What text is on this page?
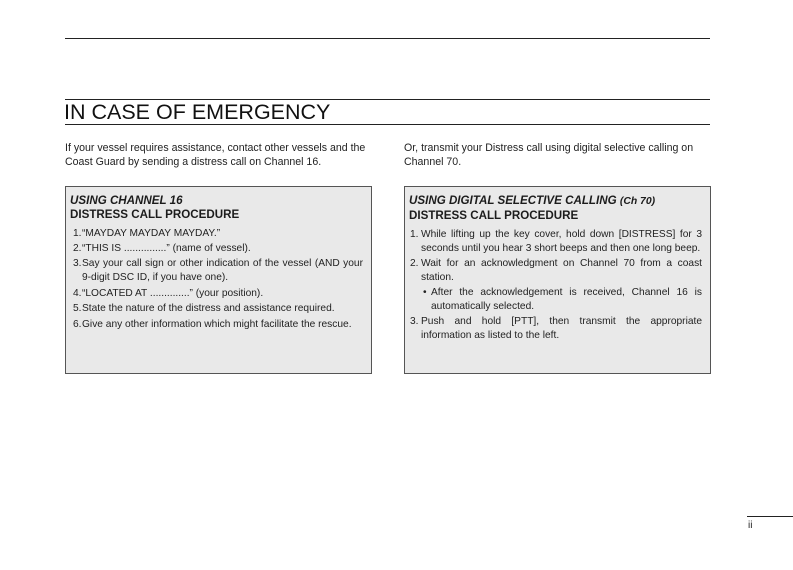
IN CASE OF EMERGENCY
If your vessel requires assistance, contact other vessels and the Coast Guard by sending a distress call on Channel 16.
Or, transmit your Distress call using digital selective calling on Channel 70.
USING CHANNEL 16
DISTRESS CALL PROCEDURE
1. “MAYDAY MAYDAY MAYDAY.”
2. “THIS IS ...............” (name of vessel).
3. Say your call sign or other indication of the vessel (AND your 9-digit DSC ID, if you have one).
4. “LOCATED AT ..............” (your position).
5. State the nature of the distress and assistance required.
6. Give any other information which might facilitate the rescue.
USING DIGITAL SELECTIVE CALLING (Ch 70)
DISTRESS CALL PROCEDURE
1. While lifting up the key cover, hold down [DISTRESS] for 3 seconds until you hear 3 short beeps and then one long beep.
2. Wait for an acknowledgment on Channel 70 from a coast station.
• After the acknowledgement is received, Channel 16 is automatically selected.
3. Push and hold [PTT], then transmit the appropriate information as listed to the left.
ii
